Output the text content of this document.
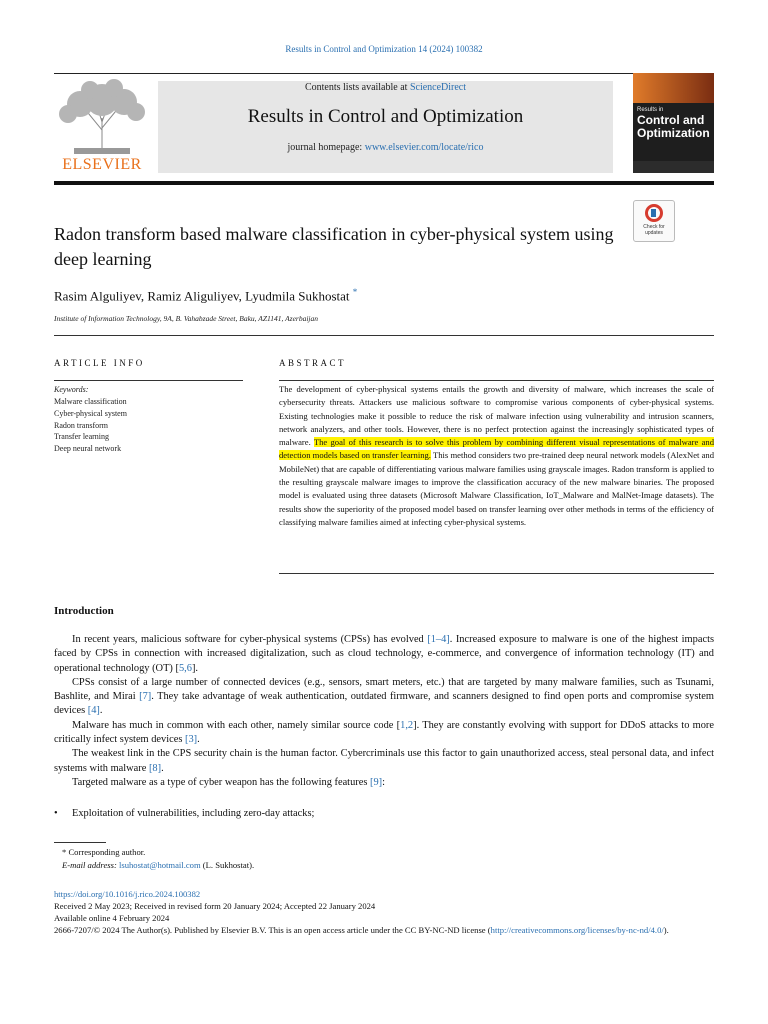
Results in Control and Optimization 14 (2024) 100382
ELSEVIER
Contents lists available at ScienceDirect
Results in Control and Optimization
journal homepage: www.elsevier.com/locate/rico
Results in
Control and Optimization
Check for updates
Radon transform based malware classification in cyber-physical system using deep learning
Rasim Alguliyev, Ramiz Aliguliyev, Lyudmila Sukhostat *
Institute of Information Technology, 9A, B. Vahabzade Street, Baku, AZ1141, Azerbaijan
ARTICLE INFO	ABSTRACT
Keywords:
Malware classification
Cyber-physical system
Radon transform
Transfer learning
Deep neural network

The development of cyber-physical systems entails the growth and diversity of malware, which increases the scale of cybersecurity threats. Attackers use malicious software to compromise various components of cyber-physical systems. Existing technologies make it possible to reduce the risk of malware infection using vulnerability and intrusion scanners, network analyzers, and other tools. However, there is no perfect protection against the increasingly sophisticated types of malware. The goal of this research is to solve this problem by combining different visual representations of malware and detection models based on transfer learning. This method considers two pre-trained deep neural network models (AlexNet and MobileNet) that are capable of differentiating various malware families using grayscale images. Radon transform is applied to the resulting grayscale malware images to improve the classification accuracy of the new malware binaries. The proposed model is evaluated using three datasets (Microsoft Malware Classification, IoT_Malware and MalNet-Image datasets). The results show the superiority of the proposed model based on transfer learning over other methods in terms of the efficiency of classifying malware families aimed at infecting cyber-physical systems.

Introduction

In recent years, malicious software for cyber-physical systems (CPSs) has evolved [1–4]. Increased exposure to malware is one of the highest impacts faced by CPSs in connection with increased digitalization, such as cloud technology, e-commerce, and convergence of information technology (IT) and operational technology (OT) [5,6].

CPSs consist of a large number of connected devices (e.g., sensors, smart meters, etc.) that are targeted by many malware families, such as Tsunami, Bashlite, and Mirai [7]. They take advantage of weak authentication, outdated firmware, and scanners designed to find open ports and compromise system devices [4].

Malware has much in common with each other, namely similar source code [1,2]. They are constantly evolving with support for DDoS attacks to more critically infect system devices [3].

The weakest link in the CPS security chain is the human factor. Cybercriminals use this factor to gain unauthorized access, steal personal data, and infect systems with malware [8].

Targeted malware as a type of cyber weapon has the following features [9]:

• Exploitation of vulnerabilities, including zero-day attacks;
* Corresponding author.
E-mail address: lsuhostat@hotmail.com (L. Sukhostat).
https://doi.org/10.1016/j.rico.2024.100382
Received 2 May 2023; Received in revised form 20 January 2024; Accepted 22 January 2024
Available online 4 February 2024
2666-7207/© 2024 The Author(s). Published by Elsevier B.V. This is an open access article under the CC BY-NC-ND license (http://creativecommons.org/licenses/by-nc-nd/4.0/).
